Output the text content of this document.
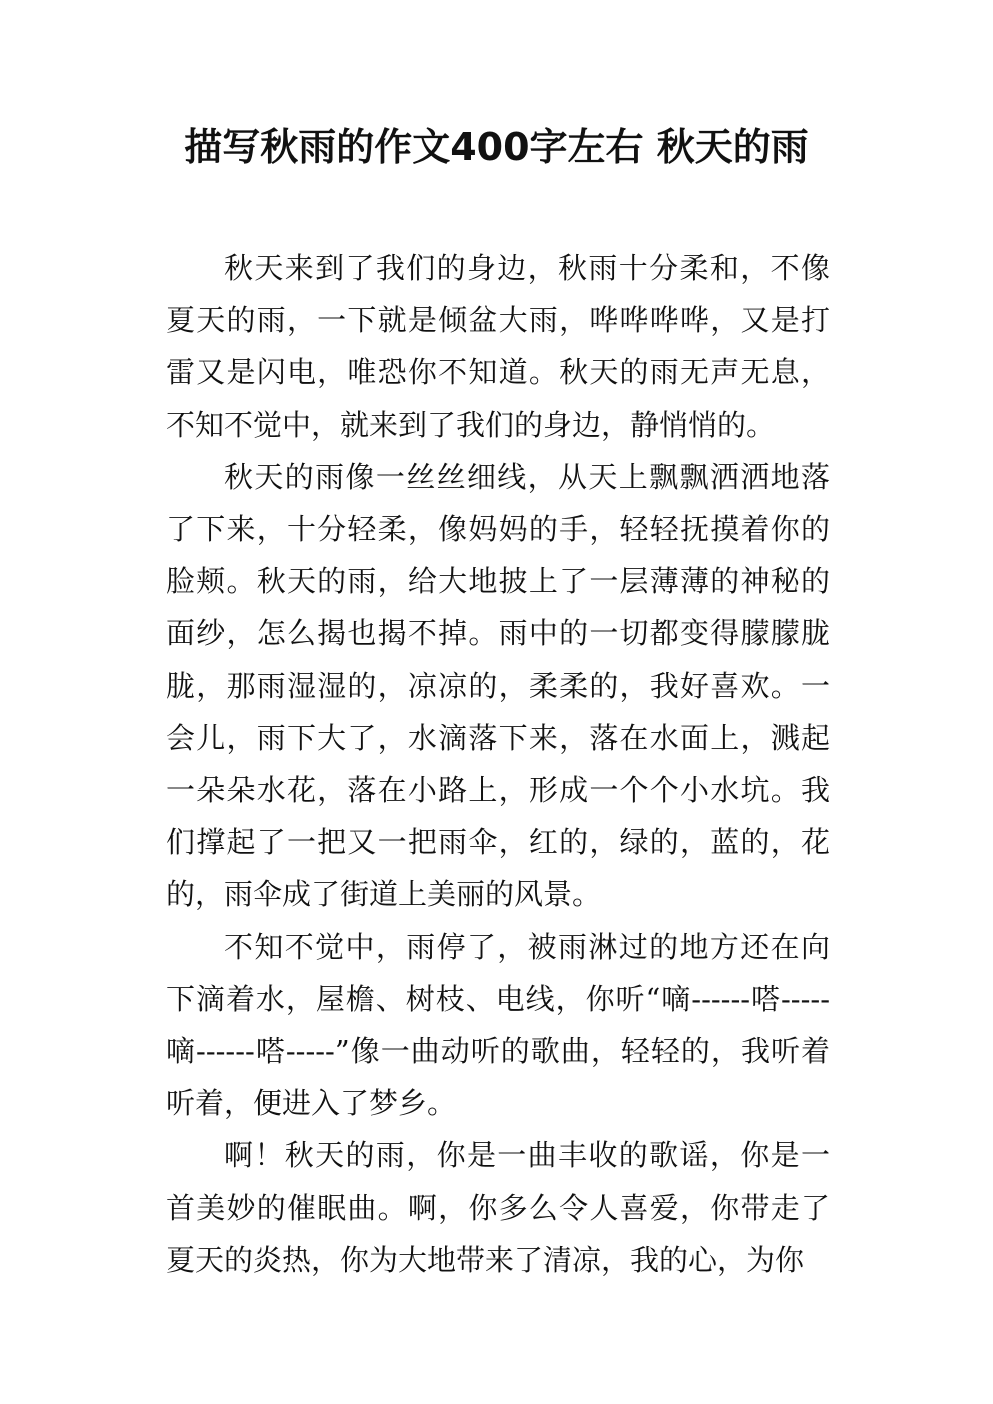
描写秋雨的作文400字左右 秋天的雨

秋天来到了我们的身边，秋雨十分柔和，不像夏天的雨，一下就是倾盆大雨，哗哗哗哗，又是打雷又是闪电，唯恐你不知道。秋天的雨无声无息，不知不觉中，就来到了我们的身边，静悄悄的。

秋天的雨像一丝丝细线，从天上飘飘洒洒地落了下来，十分轻柔，像妈妈的手，轻轻抚摸着你的脸颊。秋天的雨，给大地披上了一层薄薄的神秘的面纱，怎么揭也揭不掉。雨中的一切都变得朦朦胧胧，那雨湿湿的，凉凉的，柔柔的，我好喜欢。一会儿，雨下大了，水滴落下来，落在水面上，溅起一朵朵水花，落在小路上，形成一个个小水坑。我们撑起了一把又一把雨伞，红的，绿的，蓝的，花的，雨伞成了街道上美丽的风景。

不知不觉中，雨停了，被雨淋过的地方还在向下滴着水，屋檐、树枝、电线，你听“嘀------嗒-----嘀------嗒-----”像一曲动听的歌曲，轻轻的，我听着听着，便进入了梦乡。

啊！秋天的雨，你是一曲丰收的歌谣，你是一首美妙的催眠曲。啊，你多么令人喜爱，你带走了夏天的炎热，你为大地带来了清凉，我的心，为你
